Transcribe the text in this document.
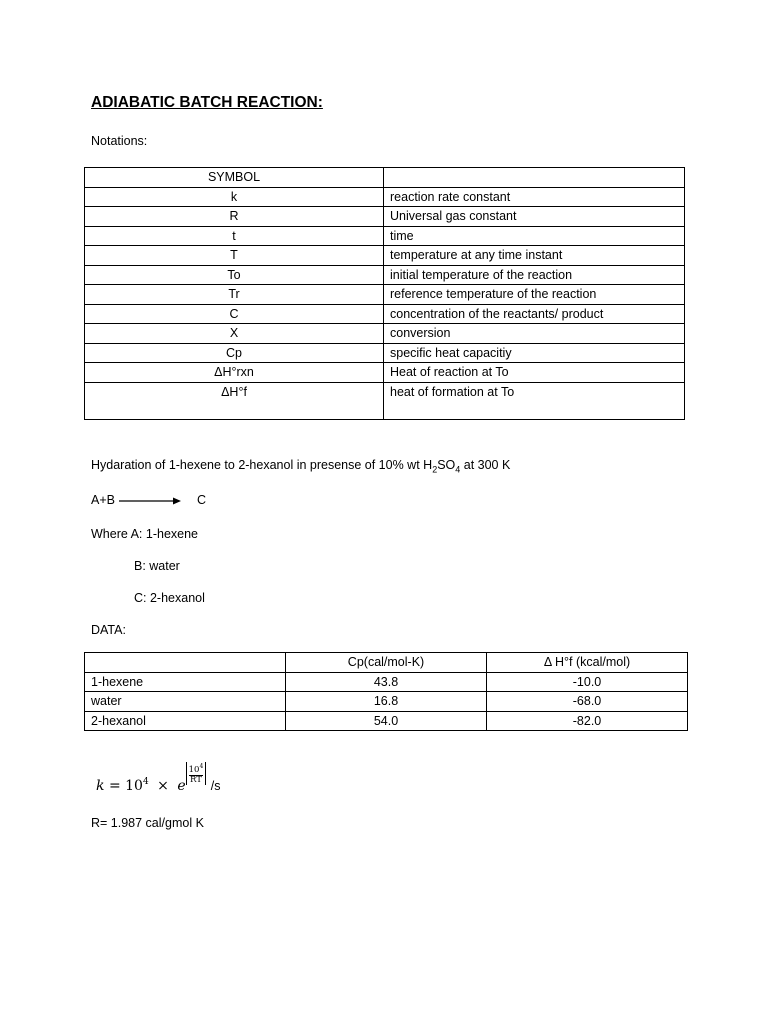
ADIABATIC BATCH REACTION:
Notations:
SYMBOL	
k	reaction rate constant
R	Universal gas constant
t	time
T	temperature at any time instant
To	initial temperature of the reaction
Tr	reference temperature of the reaction
C	concentration of the reactants/ product
X	conversion
Cp	specific heat capacitiy
ΔH°rxn	Heat of reaction at To
ΔH°f	heat of formation at To
Hydaration of 1-hexene to 2-hexanol in presense of 10% wt $H_2SO_4$ at 300 K
A+B → C
Where A: 1-hexene
B: water
C: 2-hexanol
DATA:
	Cp(cal/mol-K)	Δ H°f (kcal/mol)
1-hexene	43.8	-10.0
water	16.8	-68.0
2-hexanol	54.0	-82.0
$k = 10^4 \times e$
$\frac{10^4}{RT}$
/s
R= 1.987 cal/gmol K
